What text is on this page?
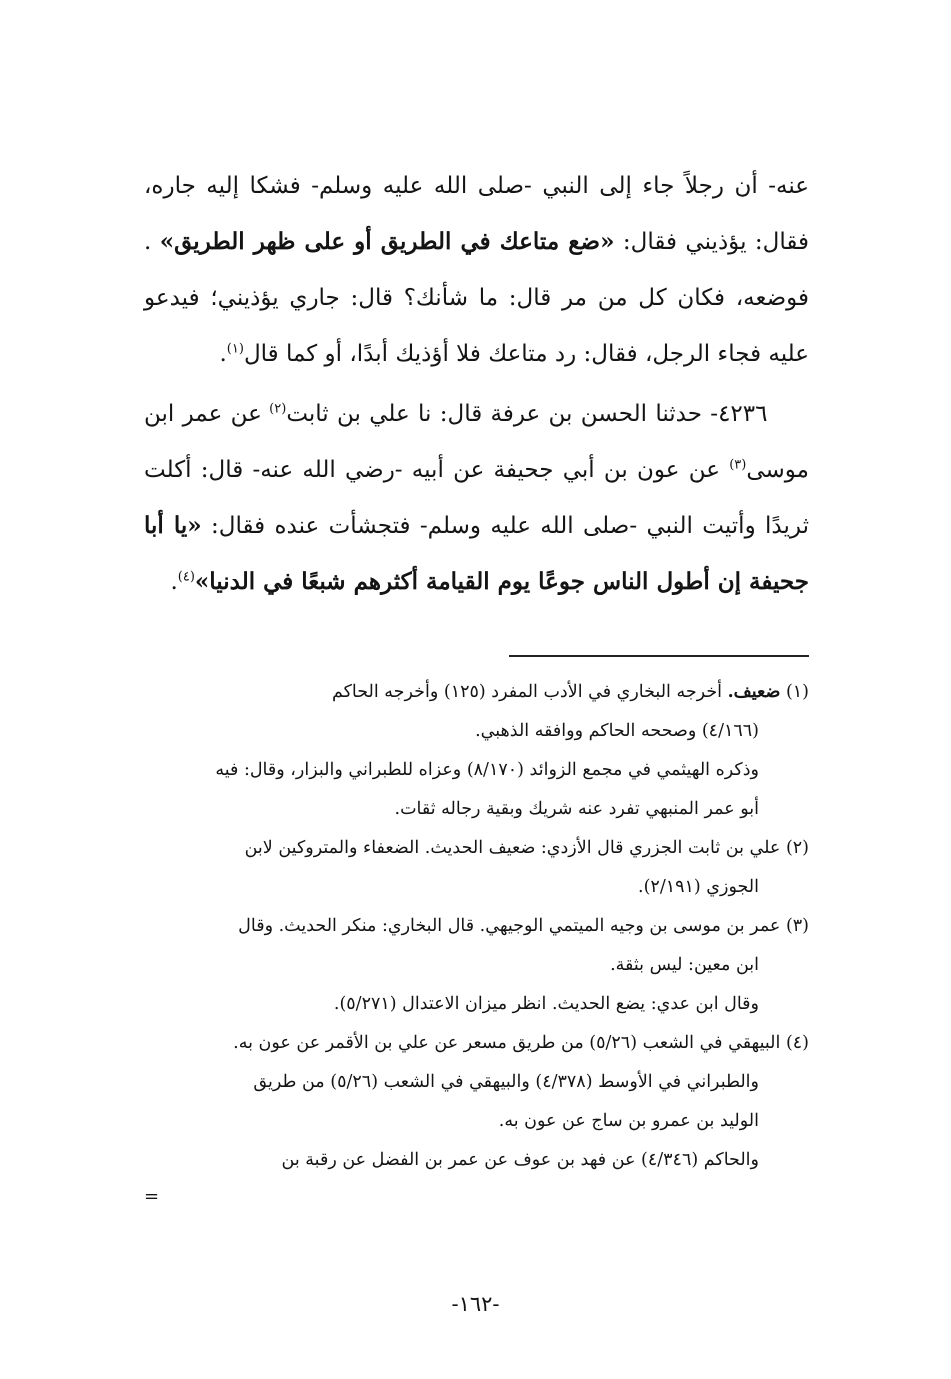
عنه- أن رجلاً جاء إلى النبي -صلى الله عليه وسلم- فشكا إليه جاره، فقال: يؤذيني فقال: «ضع متاعك في الطريق أو على ظهر الطريق» . فوضعه، فكان كل من مر قال: ما شأنك؟ قال: جاري يؤذيني؛ فيدعو عليه فجاء الرجل، فقال: رد متاعك فلا أؤذيك أبدًا، أو كما قال$^{(١)}$.

٤٢٣٦- حدثنا الحسن بن عرفة قال: نا علي بن ثابت$^{(٢)}$ عن عمر ابن موسى$^{(٣)}$ عن عون بن أبي جحيفة عن أبيه -رضي الله عنه- قال: أكلت ثريدًا وأتيت النبي -صلى الله عليه وسلم- فتجشأت عنده فقال: «يا أبا جحيفة إن أطول الناس جوعًا يوم القيامة أكثرهم شبعًا في الدنيا»$^{(٤)}$.

(١) ضعيف. أخرجه البخاري في الأدب المفرد (١٢٥) وأخرجه الحاكم

(٤/١٦٦) وصححه الحاكم ووافقه الذهبي.

وذكره الهيثمي في مجمع الزوائد (٨/١٧٠) وعزاه للطبراني والبزار، وقال: فيه

أبو عمر المنبهي تفرد عنه شريك وبقية رجاله ثقات.

(٢) علي بن ثابت الجزري قال الأزدي: ضعيف الحديث. الضعفاء والمتروكين لابن

الجوزي (٢/١٩١).

(٣) عمر بن موسى بن وجيه الميتمي الوجيهي. قال البخاري: منكر الحديث. وقال

ابن معين: ليس بثقة.

وقال ابن عدي: يضع الحديث. انظر ميزان الاعتدال (٥/٢٧١).

(٤) البيهقي في الشعب (٥/٢٦) من طريق مسعر عن علي بن الأقمر عن عون به.

والطبراني في الأوسط (٤/٣٧٨) والبيهقي في الشعب (٥/٢٦) من طريق

الوليد بن عمرو بن ساج عن عون به.

والحاكم (٤/٣٤٦) عن فهد بن عوف عن عمر بن الفضل عن رقبة بن

=

-١٦٢-
